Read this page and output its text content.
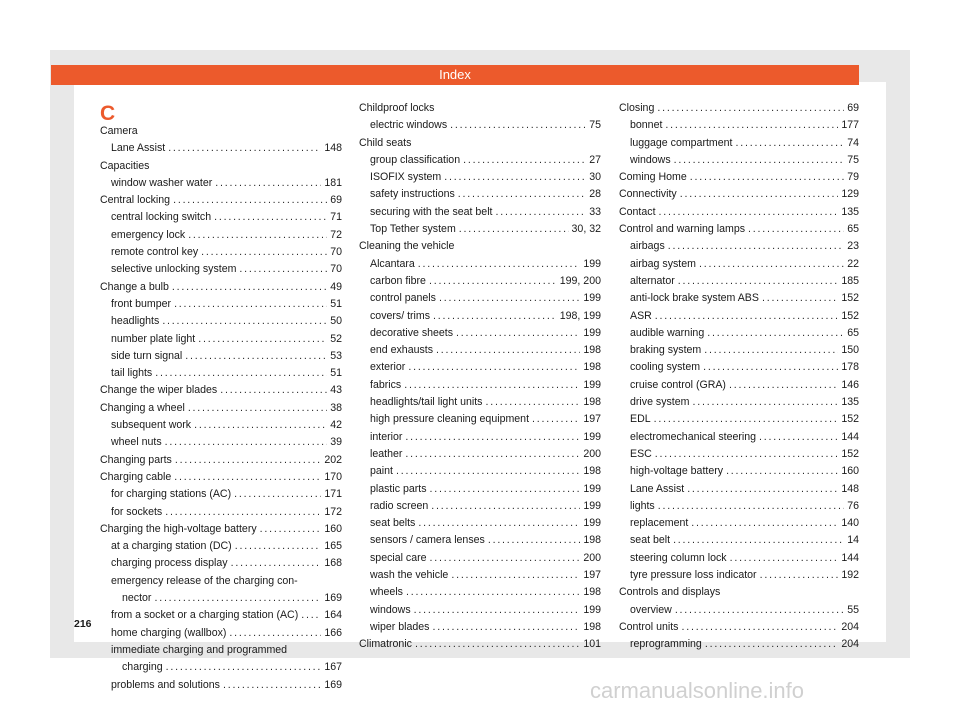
Index
C
Camera
Lane Assist .....	148
Capacities
window washer water .....	181
Central locking .....	69
central locking switch .....	71
emergency lock .....	72
remote control key .....	70
selective unlocking system .....	70
Change a bulb .....	49
front bumper .....	51
headlights .....	50
number plate light .....	52
side turn signal .....	53
tail lights .....	51
Change the wiper blades .....	43
Changing a wheel .....	38
subsequent work .....	42
wheel nuts .....	39
Changing parts .....	202
Charging cable .....	170
for charging stations (AC) .....	171
for sockets .....	172
Charging the high-voltage battery .....	160
at a charging station (DC) .....	165
charging process display .....	168
emergency release of the charging con-
nector .....	169
from a socket or a charging station (AC) ..... 164
home charging (wallbox) .....	166
immediate charging and programmed
charging .....	167
problems and solutions .....	169
Childproof locks
electric windows .....	75
Child seats
group classification .....	27
ISOFIX system .....	30
safety instructions .....	28
securing with the seat belt .....	33
Top Tether system .....	30, 32
Cleaning the vehicle
Alcantara .....	199
carbon fibre .....	199, 200
control panels .....	199
covers/ trims .....	198, 199
decorative sheets .....	199
end exhausts .....	198
exterior .....	198
fabrics .....	199
headlights/tail light units .....	198
high pressure cleaning equipment .....	197
interior .....	199
leather .....	200
paint .....	198
plastic parts .....	199
radio screen .....	199
seat belts .....	199
sensors / camera lenses .....	198
special care .....	200
wash the vehicle .....	197
wheels .....	198
windows .....	199
wiper blades .....	198
Climatronic .....	101
Closing .....	69
bonnet .....	177
luggage compartment .....	74
windows .....	75
Coming Home .....	79
Connectivity .....	129
Contact .....	135
Control and warning lamps .....	65
airbags .....	23
airbag system .....	22
alternator .....	185
anti-lock brake system ABS .....	152
ASR .....	152
audible warning .....	65
braking system .....	150
cooling system .....	178
cruise control (GRA) .....	146
drive system .....	135
EDL .....	152
electromechanical steering .....	144
ESC .....	152
high-voltage battery .....	160
Lane Assist .....	148
lights .....	76
replacement .....	140
seat belt .....	14
steering column lock .....	144
tyre pressure loss indicator .....	192
Controls and displays
overview .....	55
Control units .....	204
reprogramming .....	204
216
carmanualsonline.info
